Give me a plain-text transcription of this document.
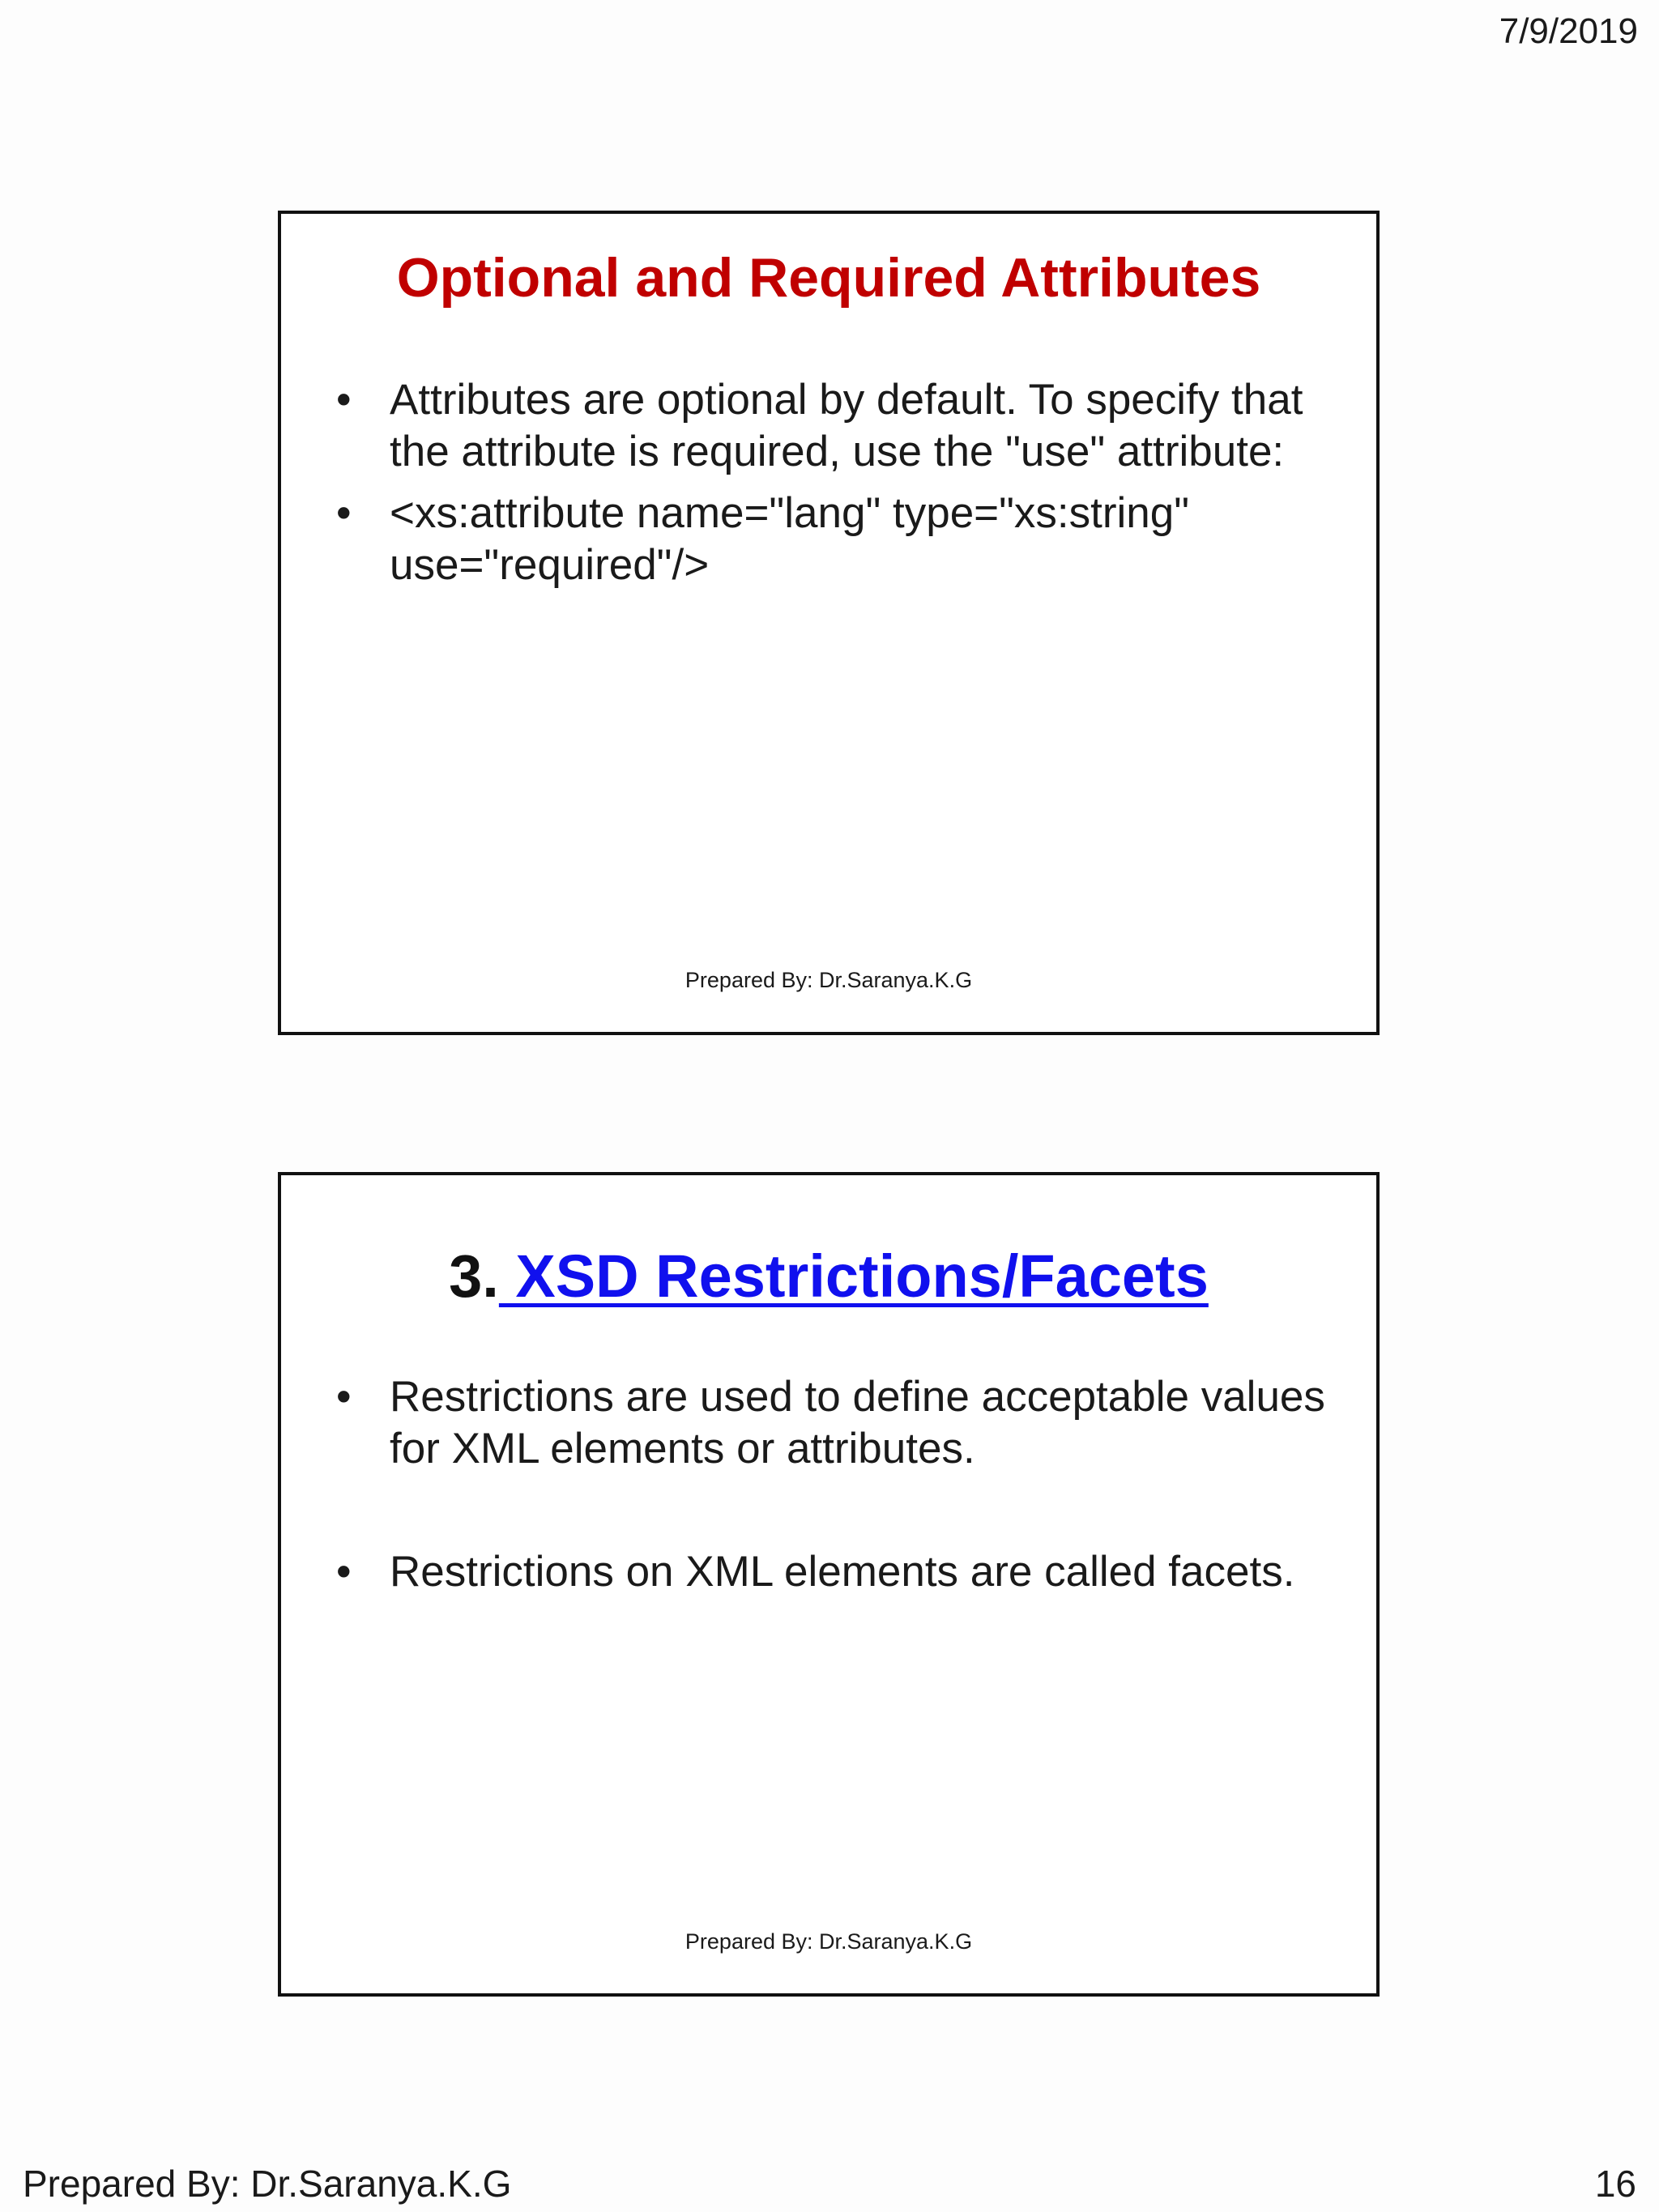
7/9/2019
Optional and Required Attributes
• Attributes are optional by default. To specify that the attribute is required, use the "use" attribute:
• <xs:attribute name="lang" type="xs:string" use="required"/>
Prepared By: Dr.Saranya.K.G
3. XSD Restrictions/Facets
• Restrictions are used to define acceptable values for XML elements or attributes.
• Restrictions on XML elements are called facets.
Prepared By: Dr.Saranya.K.G
Prepared By: Dr.Saranya.K.G	16
